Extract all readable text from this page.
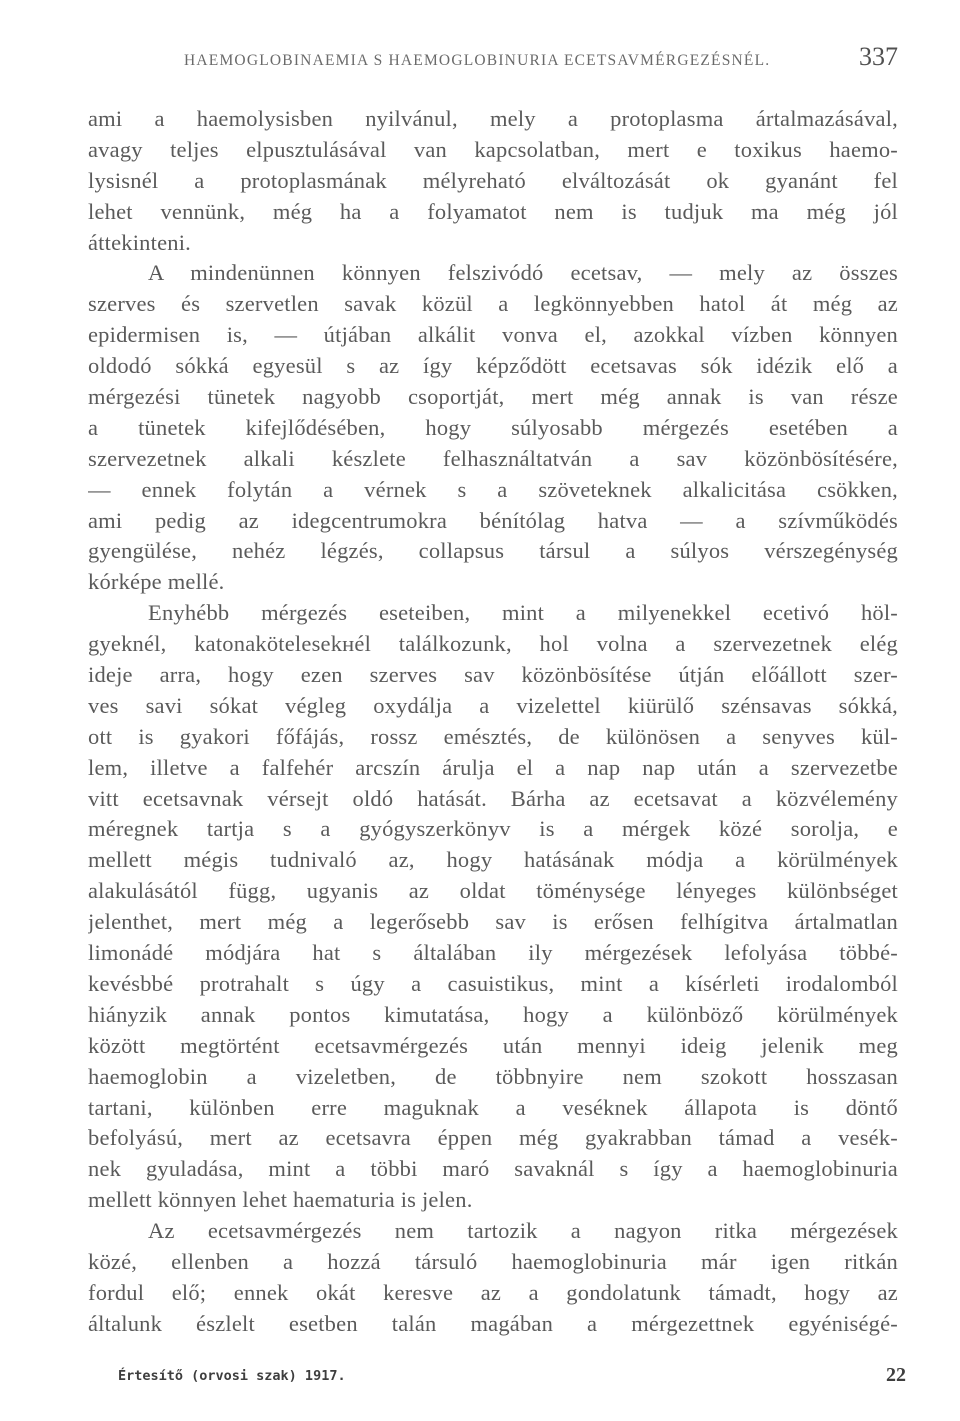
HAEMOGLOBINAEMIA S HAEMOGLOBINURIA ECETSAVMÉRGEZÉSNÉL.	337
ami a haemolysisben nyilvánul, mely a protoplasma ártalmazásával,
avagy teljes elpusztulásával van kapcsolatban, mert e toxikus haemo-
lysisnél a protoplasmának mélyreható elváltozását ok gyanánt fel
lehet vennünk, még ha a folyamatot nem is tudjuk ma még jól
áttekinteni.
A mindenünnen könnyen felszivódó ecetsav, — mely az összes
szerves és szervetlen savak közül a legkönnyebben hatol át még az
epidermisen is, — útjában alkálit vonva el, azokkal vízben könnyen
oldodó sókká egyesül s az így képződött ecetsavas sók idézik elő a
mérgezési tünetek nagyobb csoportját, mert még annak is van része
a tünetek kifejlődésében, hogy súlyosabb mérgezés esetében a
szervezetnek alkali készlete felhasználtatván a sav közönbösítésére,
— ennek folytán a vérnek s a szöveteknek alkalicitása csökken,
ami pedig az idegcentrumokra bénítólag hatva — a szívműködés
gyengülése, nehéz légzés, collapsus társul a súlyos vérszegénység
kórképe mellé.
Enyhébb mérgezés eseteiben, mint a milyenekkel ecetivó höl-
gyeknél, katonakötelesekнél találkozunk, hol volna a szervezetnek elég
ideje arra, hogy ezen szerves sav közönbösítése útján előállott szer-
ves savi sókat végleg oxydálja a vizelettel kiürülő szénsavas sókká,
ott is gyakori főfájás, rossz emésztés, de különösen a senyves kül-
lem, illetve a falfehér arcszín árulja el a nap nap után a szervezetbe
vitt ecetsavnak vérsejt oldó hatását. Bárha az ecetsavat a közvélemény
méregnek tartja s a gyógyszerkönyv is a mérgek közé sorolja, e
mellett mégis tudnivaló az, hogy hatásának módja a körülmények
alakulásától függ, ugyanis az oldat töménysége lényeges különbséget
jelenthet, mert még a legerősebb sav is erősen felhígitva ártalmatlan
limonádé módjára hat s általában ily mérgezések lefolyása többé-
kevésbbé protrahalt s úgy a casuistikus, mint a kísérleti irodalomból
hiányzik annak pontos kimutatása, hogy a különböző körülmények
között megtörtént ecetsavmérgezés után mennyi ideig jelenik meg
haemoglobin a vizeletben, de többnyire nem szokott hosszasan
tartani, különben erre maguknak a veséknek állapota is döntő
befolyású, mert az ecetsavra éppen még gyakrabban támad a vesék-
nek gyuladása, mint a többi maró savaknál s így a haemoglobinuria
mellett könnyen lehet haematuria is jelen.
Az ecetsavmérgezés nem tartozik a nagyon ritka mérgezések
közé, ellenben a hozzá társuló haemoglobinuria már igen ritkán
fordul elő; ennek okát keresve az a gondolatunk támadt, hogy az
általunk észlelt esetben talán magában a mérgezettnek egyéniségé-
Értesítő (orvosi szak) 1917.	22
